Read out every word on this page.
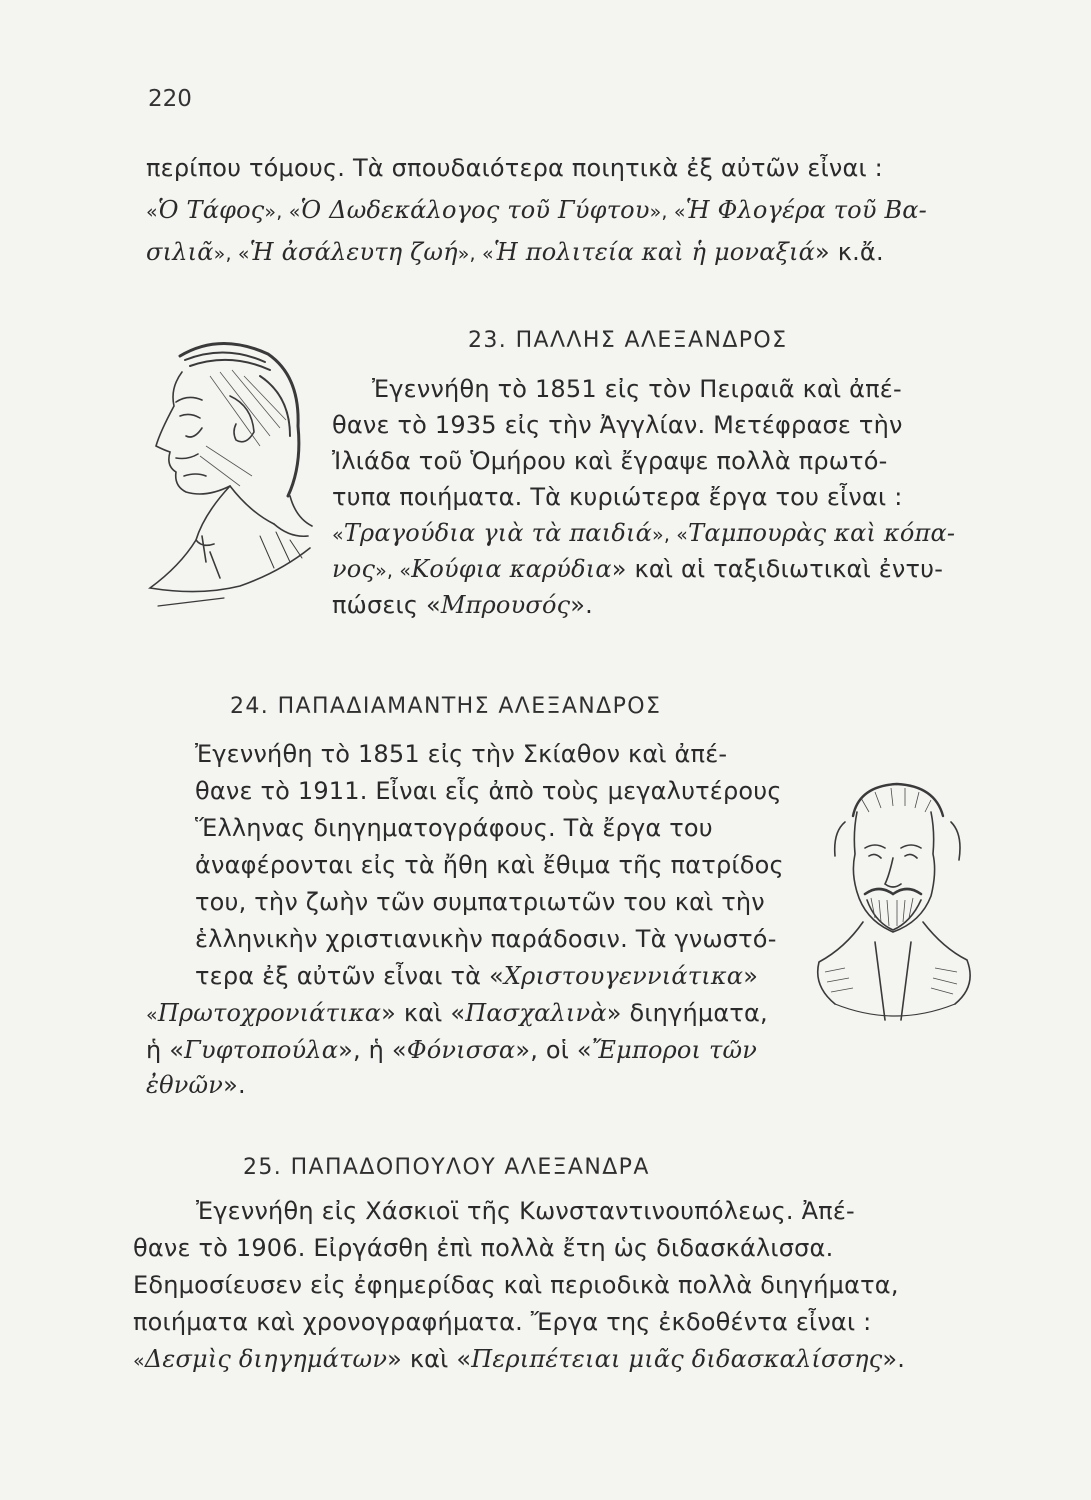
220
περίπου τόμους. Τὰ σπουδαιότερα ποιητικὰ ἐξ αὐτῶν εἶναι :
«Ὁ Τάφος», «Ὁ Δωδεκάλογος τοῦ Γύφτου», «Ἡ Φλογέρα τοῦ Βα-
σιλιᾶ», «Ἡ ἀσάλευτη ζωή», «Ἡ πολιτεία καὶ ἡ μοναξιά» κ.ἄ.
23. ΠΑΛΛΗΣ ΑΛΕΞΑΝΔΡΟΣ
Ἐγεννήθη τὸ 1851 εἰς τὸν Πειραιᾶ καὶ ἀπέ-
θανε τὸ 1935 εἰς τὴν Ἀγγλίαν. Μετέφρασε τὴν
Ἰλιάδα τοῦ Ὁμήρου καὶ ἔγραψε πολλὰ πρωτό-
τυπα ποιήματα. Τὰ κυριώτερα ἔργα του εἶναι :
«Τραγούδια γιὰ τὰ παιδιά», «Ταμπουρὰς καὶ κόπα-
νος», «Κούφια καρύδια» καὶ αἱ ταξιδιωτικαὶ ἐντυ-
πώσεις «Μπρουσός».
24. ΠΑΠΑΔΙΑΜΑΝΤΗΣ ΑΛΕΞΑΝΔΡΟΣ
Ἐγεννήθη τὸ 1851 εἰς τὴν Σκίαθον καὶ ἀπέ-
θανε τὸ 1911. Εἶναι εἷς ἀπὸ τοὺς μεγαλυτέρους
Ἕλληνας διηγηματογράφους. Τὰ ἔργα του
ἀναφέρονται εἰς τὰ ἤθη καὶ ἔθιμα τῆς πατρίδος
του, τὴν ζωὴν τῶν συμπατριωτῶν του καὶ τὴν
ἑλληνικὴν χριστιανικὴν παράδοσιν. Τὰ γνωστό-
τερα ἐξ αὐτῶν εἶναι τὰ «Χριστουγεννιάτικα»
«Πρωτοχρονιάτικα» καὶ «Πασχαλινὰ» διηγήματα,
ἡ «Γυφτοπούλα», ἡ «Φόνισσα», οἱ «Ἔμποροι τῶν
ἐθνῶν».
25. ΠΑΠΑΔΟΠΟΥΛΟΥ ΑΛΕΞΑΝΔΡΑ
Ἐγεννήθη εἰς Χάσκιοϊ τῆς Κωνσταντινουπόλεως. Ἀπέ-
θανε τὸ 1906. Εἰργάσθη ἐπὶ πολλὰ ἔτη ὡς διδασκάλισσα.
Εδημοσίευσεν εἰς ἐφημερίδας καὶ περιοδικὰ πολλὰ διηγήματα,
ποιήματα καὶ χρονογραφήματα. Ἔργα της ἐκδοθέντα εἶναι :
«Δεσμὶς διηγημάτων» καὶ «Περιπέτειαι μιᾶς διδασκαλίσσης».
